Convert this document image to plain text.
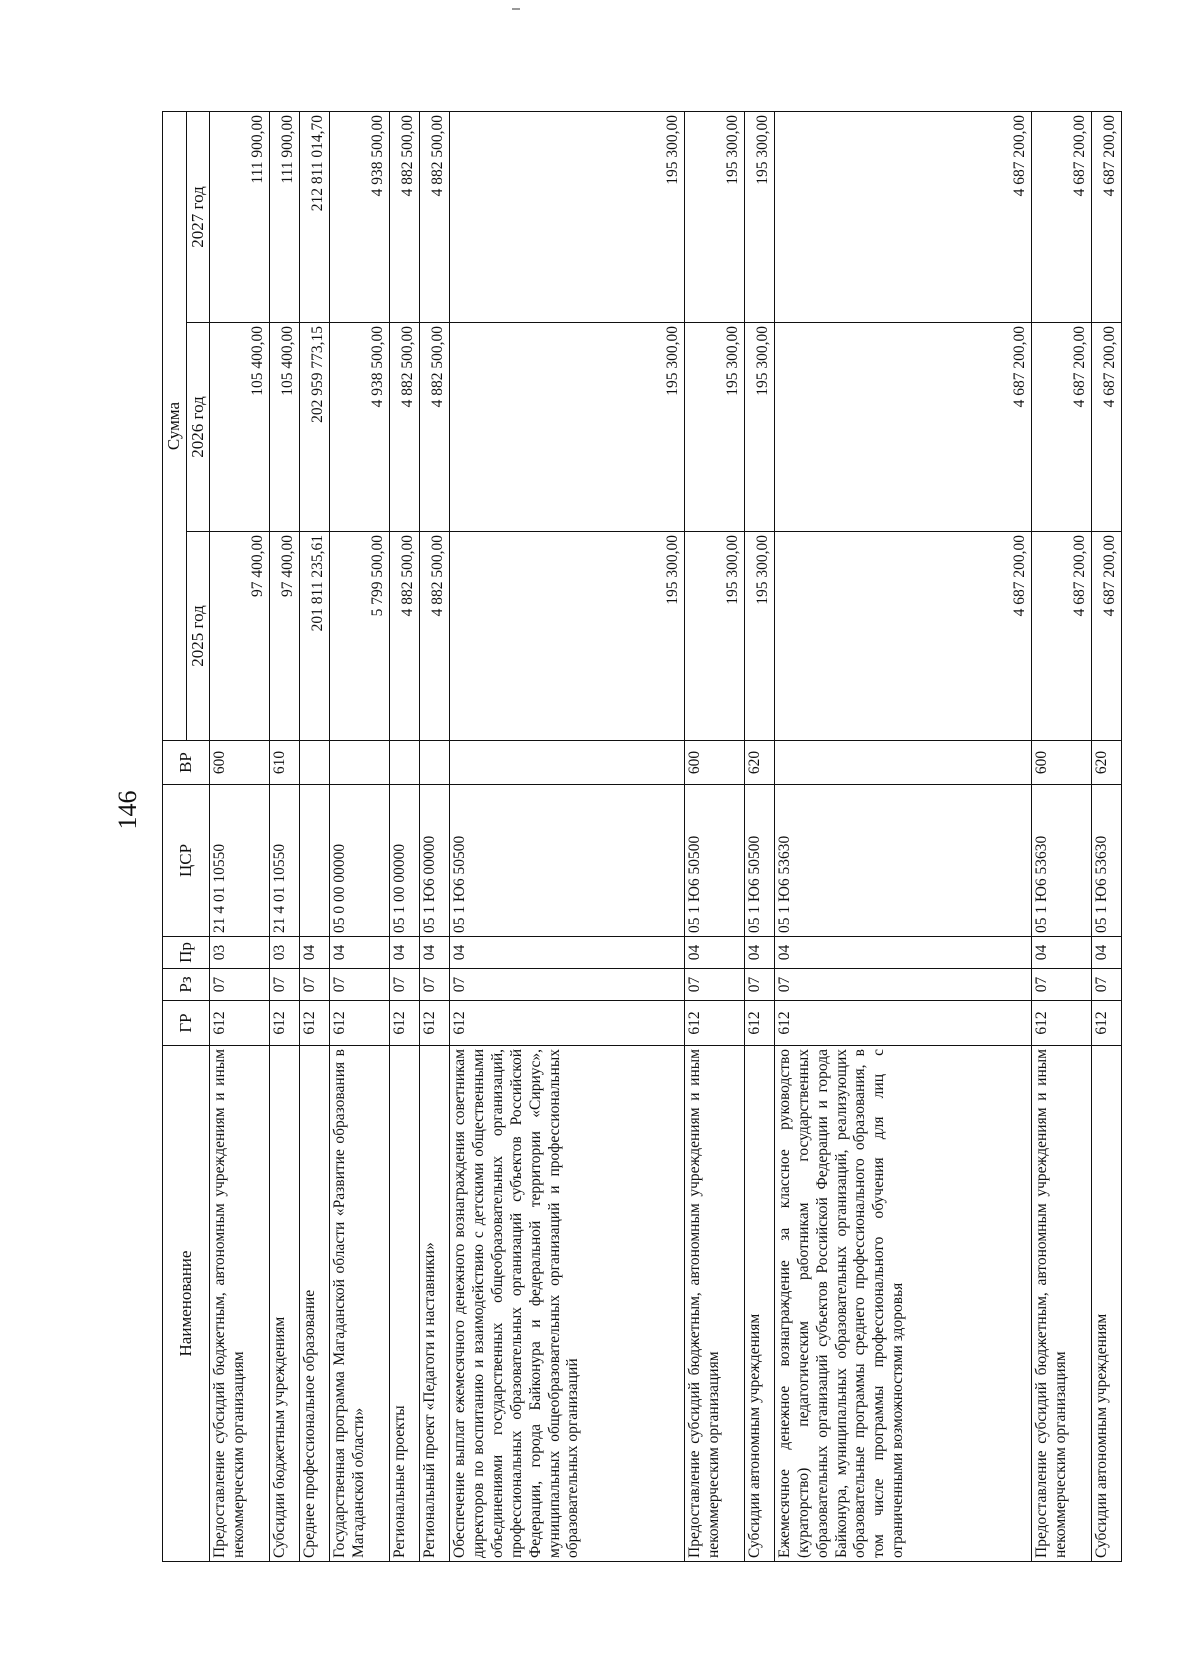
146
Наименование	ГР	Рз	Пр	ЦСР	ВР	Сумма		
						2025 год	2026 год	2027 год
Предоставление субсидий бюджетным, автономным учреждениям и иным некоммерческим организациям	612	07	03	21 4 01 10550	600	97 400,00	105 400,00	111 900,00
Субсидии бюджетным учреждениям	612	07	03	21 4 01 10550	610	97 400,00	105 400,00	111 900,00
Среднее профессиональное образование	612	07	04			201 811 235,61	202 959 773,15	212 811 014,70
Государственная программа Магаданской области «Развитие образования в Магаданской области»	612	07	04	05 0 00 00000		5 799 500,00	4 938 500,00	4 938 500,00
Региональные проекты	612	07	04	05 1 00 00000		4 882 500,00	4 882 500,00	4 882 500,00
Региональный проект «Педагоги и наставники»	612	07	04	05 1 Ю6 00000		4 882 500,00	4 882 500,00	4 882 500,00
Обеспечение выплат ежемесячного денежного вознаграждения советникам директоров по воспитанию и взаимодействию с детскими общественными объединениями государственных общеобразовательных организаций, профессиональных образовательных организаций субъектов Российской Федерации, города Байконура и федеральной территории «Сириус», муниципальных общеобразовательных организаций и профессиональных образовательных организаций	612	07	04	05 1 Ю6 50500		195 300,00	195 300,00	195 300,00
Предоставление субсидий бюджетным, автономным учреждениям и иным некоммерческим организациям	612	07	04	05 1 Ю6 50500	600	195 300,00	195 300,00	195 300,00
Субсидии автономным учреждениям	612	07	04	05 1 Ю6 50500	620	195 300,00	195 300,00	195 300,00
Ежемесячное денежное вознаграждение за классное руководство (кураторство) педагогическим работникам государственных образовательных организаций субъектов Российской Федерации и города Байконура, муниципальных образовательных организаций, реализующих образовательные программы среднего профессионального образования, в том числе программы профессионального обучения для лиц с ограниченными возможностями здоровья	612	07	04	05 1 Ю6 53630		4 687 200,00	4 687 200,00	4 687 200,00
Предоставление субсидий бюджетным, автономным учреждениям и иным некоммерческим организациям	612	07	04	05 1 Ю6 53630	600	4 687 200,00	4 687 200,00	4 687 200,00
Субсидии автономным учреждениям	612	07	04	05 1 Ю6 53630	620	4 687 200,00	4 687 200,00	4 687 200,00
